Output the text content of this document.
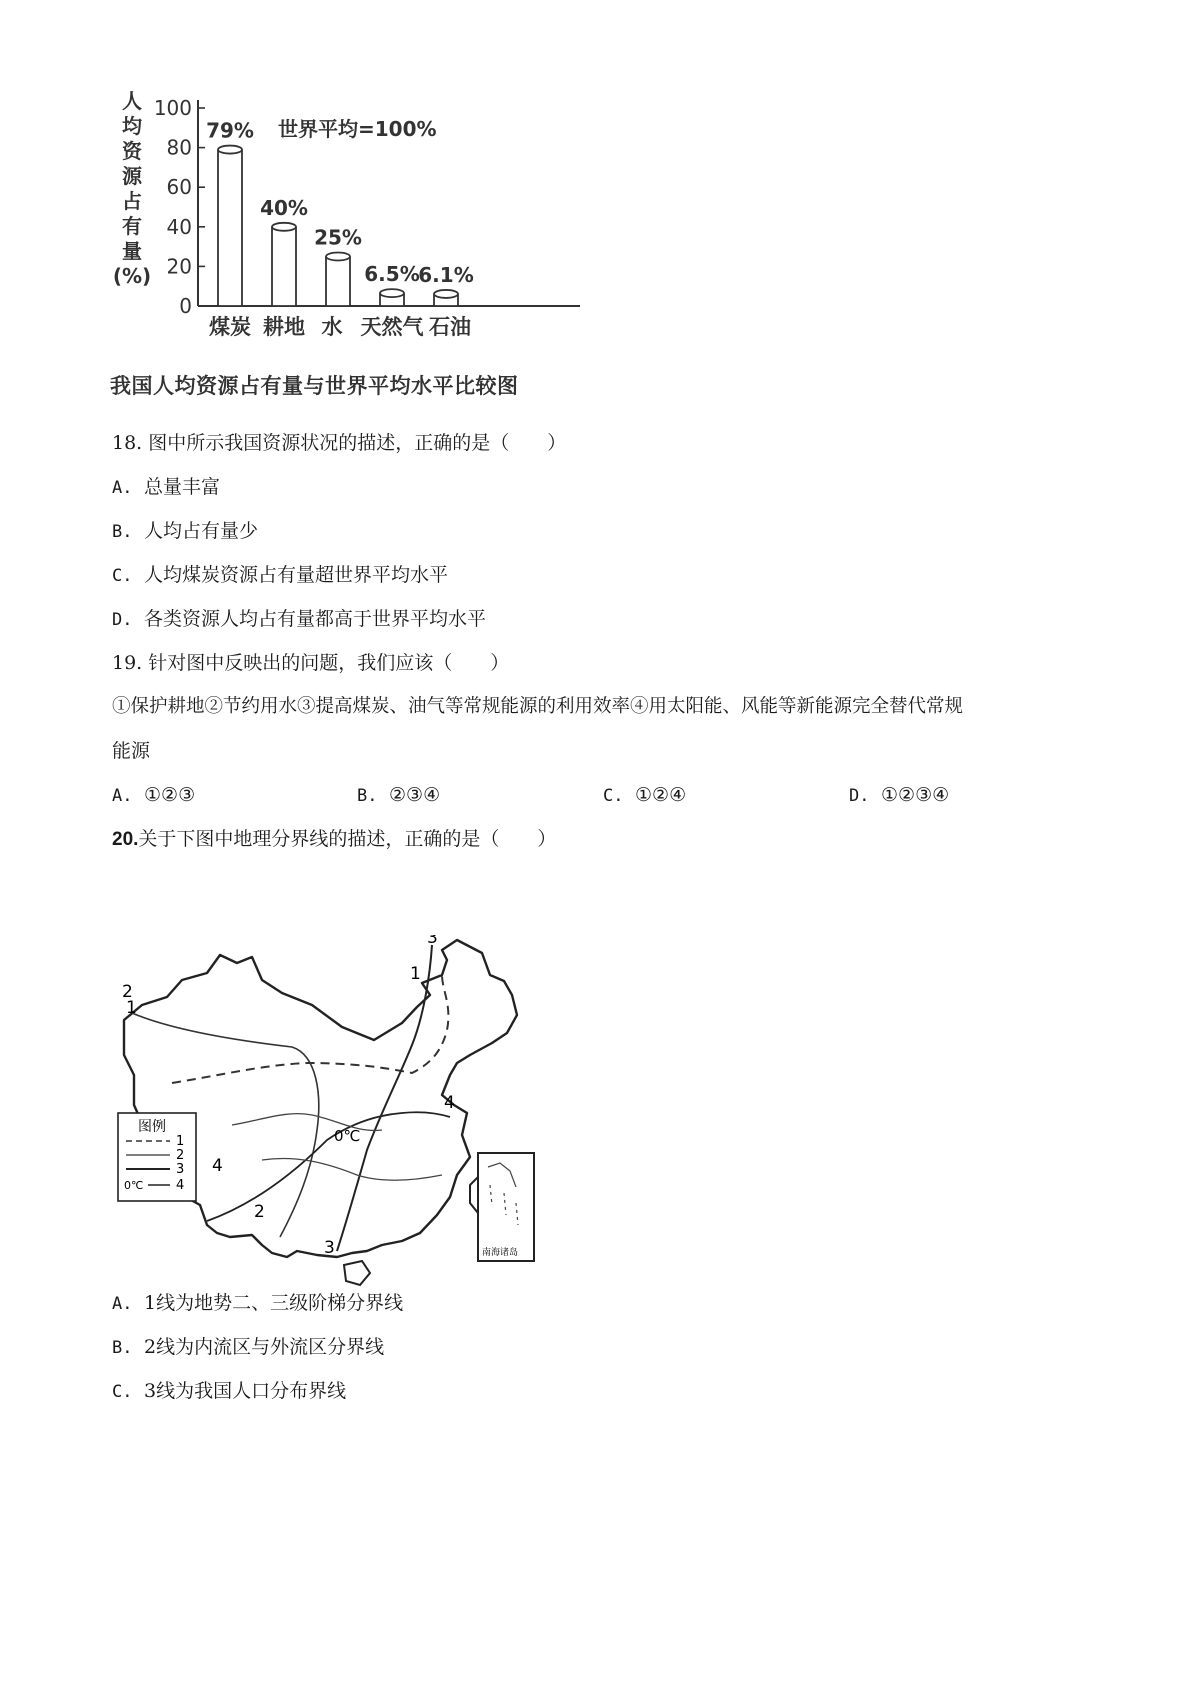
人
均
资
源
占
有
量
(%)
100
80
60
40
20
0
世界平均=100%
79%
40%
25%
6.5%
6.1%
煤炭 耕地 水 天然气 石油
我国人均资源占有量与世界平均水平比较图
18. 图中所示我国资源状况的描述，正确的是（　　）
A. 总量丰富
B. 人均占有量少
C. 人均煤炭资源占有量超世界平均水平
D. 各类资源人均占有量都高于世界平均水平
19. 针对图中反映出的问题，我们应该（　　）
①保护耕地②节约用水③提高煤炭、油气等常规能源的利用效率④用太阳能、风能等新能源完全替代常规
能源
A. ①②③	B. ②③④	C. ①②④	D. ①②③④
20.关于下图中地理分界线的描述，正确的是（　　）
0℃
1
2
3
4
1
2
3
4
图例
0℃
1
2
3
4
南海诸岛
A. 1线为地势二、三级阶梯分界线
B. 2线为内流区与外流区分界线
C. 3线为我国人口分布界线
